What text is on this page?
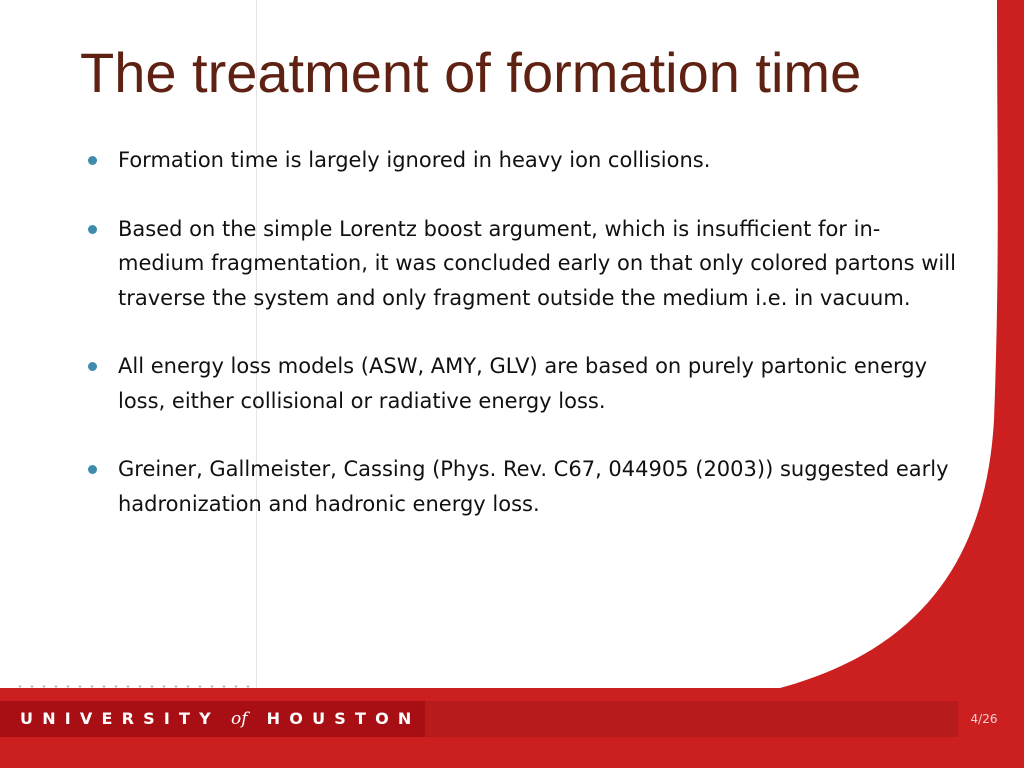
The treatment of formation time
Formation time is largely ignored in heavy ion collisions.
Based on the simple Lorentz boost argument, which is insufficient for in-medium fragmentation, it was concluded early on that only colored partons will traverse the system and only fragment outside the medium i.e. in vacuum.
All energy loss models (ASW, AMY, GLV) are based on purely partonic energy loss, either collisional or radiative energy loss.
Greiner, Gallmeister, Cassing (Phys. Rev. C67, 044905 (2003)) suggested early hadronization and hadronic energy loss.
UNIVERSITY of HOUSTON	4/26
